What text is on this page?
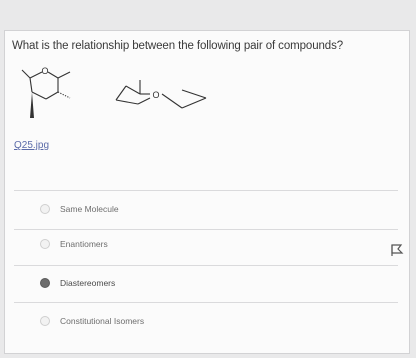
What is the relationship between the following pair of compounds?
O
O
Q25.jpg
Same Molecule
Enantiomers
Diastereomers
Constitutional Isomers
